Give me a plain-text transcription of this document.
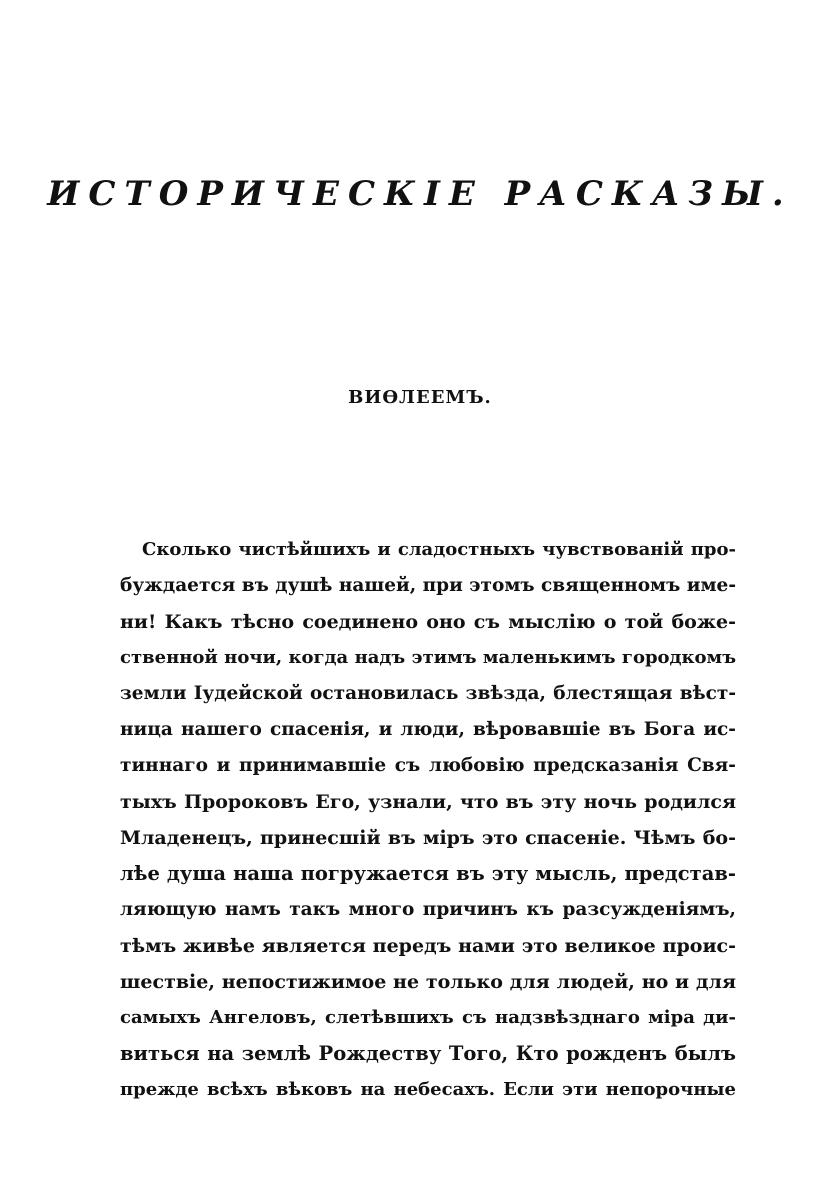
ИСТОРИЧЕСКІЕ РАСКАЗЫ.
ВИѲЛЕЕМЪ.
Сколько чистѣйшихъ и сладостныхъ чувствованій про-
буждается въ душѣ нашей, при этомъ священномъ име-
ни! Какъ тѣсно соединено оно съ мыслію о той боже-
ственной ночи, когда надъ этимъ маленькимъ городкомъ
земли Іудейской остановилась звѣзда, блестящая вѣст-
ница нашего спасенія, и люди, вѣровавшіе въ Бога ис-
тиннаго и принимавшіе съ любовію предсказанія Свя-
тыхъ Пророковъ Его, узнали, что въ эту ночь родился
Младенецъ, принесшій въ міръ это спасеніе. Чѣмъ бо-
лѣе душа наша погружается въ эту мысль, представ-
ляющую намъ такъ много причинъ къ разсужденіямъ,
тѣмъ живѣе является передъ нами это великое проис-
шествіе, непостижимое не только для людей, но и для
самыхъ Ангеловъ, слетѣвшихъ съ надзвѣзднаго міра ди-
виться на землѣ Рождеству Того, Кто рожденъ былъ
прежде всѣхъ вѣковъ на небесахъ. Если эти непорочные
